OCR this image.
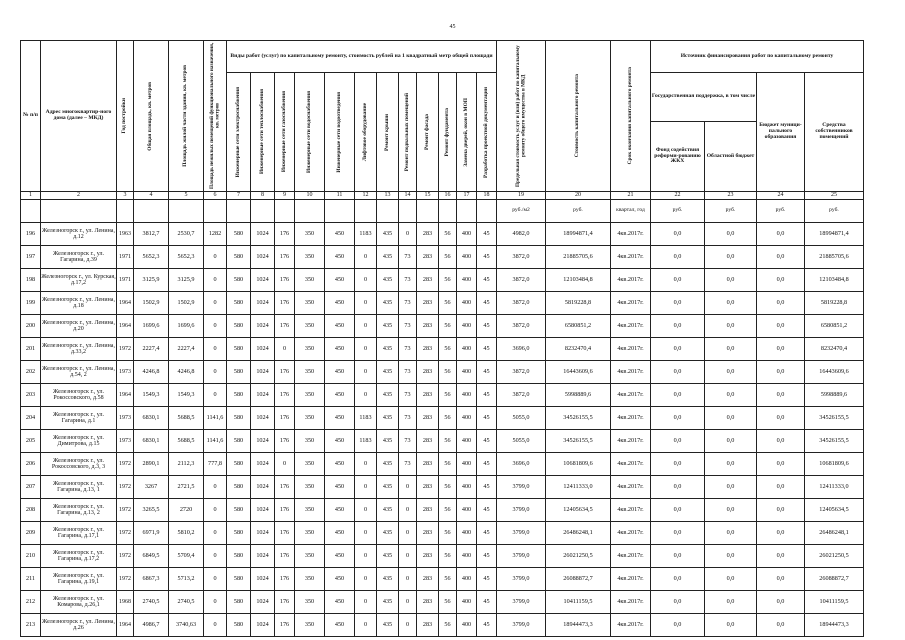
45
№ п/п	Адрес многоквартир-ного дома (далее – МКД)	Год постройки	Общая площадь, кв. метров	Площадь жилой части здания, кв. метров	Площадь нежилых помещений функционального назначения, кв. метров	Виды работ (услуг) по капитальному ремонту, стоимость рублей на 1 квадратный метр общей площади												Предельная стоимость услуг и (или) работ по капитальному ремонту общего имущества в МКД	Стоимость капитального ремонта	Срок окончания капитального ремонта	Источник финансирования работ по капитальному ремонту			

						Инженерные сети электроснабжения	Инженерные сети теплоснабжения	Инженерные сети газоснабжения	Инженерные сети водоснабжения	Инженерные сети водоотведения	Лифтовое оборудование	Ремонт крыши	Ремонт подвальных помещений	Ремонт фасада	Ремонт фундамента	Замена дверей, окон в МОП	Разработка проектной документации				Государственная поддержка, в том числе		Бюджет муници-пального образования	Средства собственников помещений
																					Фонд содействия реформи-рованию ЖКХ	Областной бюджет		
1	2	3	4	5	6	7	8	9	10	11	12	13	14	15	16	17	18	19	20	21	22	23	24	25
																		руб./м2	руб.	квартал, год	руб.	руб.	руб.	руб.
196	Железногорск г., ул. Ленина, д.12	1963	3812,7	2530,7	1282	580	1024	176	350	450	1183	435	0	283	56	400	45	4982,0	18994871,4	4кв.2017г.	0,0	0,0	0,0	18994871,4
197	Железногорск г., ул. Гагарина, д.39	1971	5652,3	5652,3	0	580	1024	176	350	450	0	435	73	283	56	400	45	3872,0	21885705,6	4кв.2017г.	0,0	0,0	0,0	21885705,6
198	Железногорск г., ул. Курская, д.17,2	1971	3125,9	3125,9	0	580	1024	176	350	450	0	435	73	283	56	400	45	3872,0	12103484,8	4кв.2017г.	0,0	0,0	0,0	12103484,8
199	Железногорск г., ул. Ленина, д.18	1964	1502,9	1502,9	0	580	1024	176	350	450	0	435	73	283	56	400	45	3872,0	5819228,8	4кв.2017г.	0,0	0,0	0,0	5819228,8
200	Железногорск г., ул. Ленина, д.20	1964	1699,6	1699,6	0	580	1024	176	350	450	0	435	73	283	56	400	45	3872,0	6580851,2	4кв.2017г.	0,0	0,0	0,0	6580851,2
201	Железногорск г., ул. Ленина, д.33,2	1972	2227,4	2227,4	0	580	1024	0	350	450	0	435	73	283	56	400	45	3696,0	8232470,4	4кв.2017г.	0,0	0,0	0,0	8232470,4
202	Железногорск г., ул. Ленина, д.54, 2	1973	4246,8	4246,8	0	580	1024	176	350	450	0	435	73	283	56	400	45	3872,0	16443609,6	4кв.2017г.	0,0	0,0	0,0	16443609,6
203	Железногорск г., ул. Рокоссовского, д.58	1964	1549,3	1549,3	0	580	1024	176	350	450	0	435	73	283	56	400	45	3872,0	5998889,6	4кв.2017г.	0,0	0,0	0,0	5998889,6
204	Железногорск г., ул. Гагарина, д.1	1973	6830,1	5688,5	1141,6	580	1024	176	350	450	1183	435	73	283	56	400	45	5055,0	34526155,5	4кв.2017г.	0,0	0,0	0,0	34526155,5
205	Железногорск г., ул. Димитрова, д.15	1973	6830,1	5688,5	1141,6	580	1024	176	350	450	1183	435	73	283	56	400	45	5055,0	34526155,5	4кв.2017г.	0,0	0,0	0,0	34526155,5
206	Железногорск г., ул. Рокоссовского, д.3, 3	1972	2890,1	2112,3	777,8	580	1024	0	350	450	0	435	73	283	56	400	45	3696,0	10681809,6	4кв.2017г.	0,0	0,0	0,0	10681809,6
207	Железногорск г., ул. Гагарина, д.13, 1	1972	3267	2721,5	0	580	1024	176	350	450	0	435	0	283	56	400	45	3799,0	12411333,0	4кв.2017г.	0,0	0,0	0,0	12411333,0
208	Железногорск г., ул. Гагарина, д.13, 2	1972	3265,5	2720	0	580	1024	176	350	450	0	435	0	283	56	400	45	3799,0	12405634,5	4кв.2017г.	0,0	0,0	0,0	12405634,5
209	Железногорск г., ул. Гагарина, д.17,1	1972	6971,9	5810,2	0	580	1024	176	350	450	0	435	0	283	56	400	45	3799,0	26486248,1	4кв.2017г.	0,0	0,0	0,0	26486248,1
210	Железногорск г., ул. Гагарина, д.17,2	1972	6849,5	5709,4	0	580	1024	176	350	450	0	435	0	283	56	400	45	3799,0	26021250,5	4кв.2017г.	0,0	0,0	0,0	26021250,5
211	Железногорск г., ул. Гагарина, д.19,1	1972	6867,3	5713,2	0	580	1024	176	350	450	0	435	0	283	56	400	45	3799,0	26088872,7	4кв.2017г.	0,0	0,0	0,0	26088872,7
212	Железногорск г., ул. Комарова, д.26,1	1968	2740,5	2740,5	0	580	1024	176	350	450	0	435	0	283	56	400	45	3799,0	10411159,5	4кв.2017г.	0,0	0,0	0,0	10411159,5
213	Железногорск г., ул. Ленина, д.26	1964	4986,7	3740,63	0	580	1024	176	350	450	0	435	0	283	56	400	45	3799,0	18944473,3	4кв.2017г.	0,0	0,0	0,0	18944473,3
